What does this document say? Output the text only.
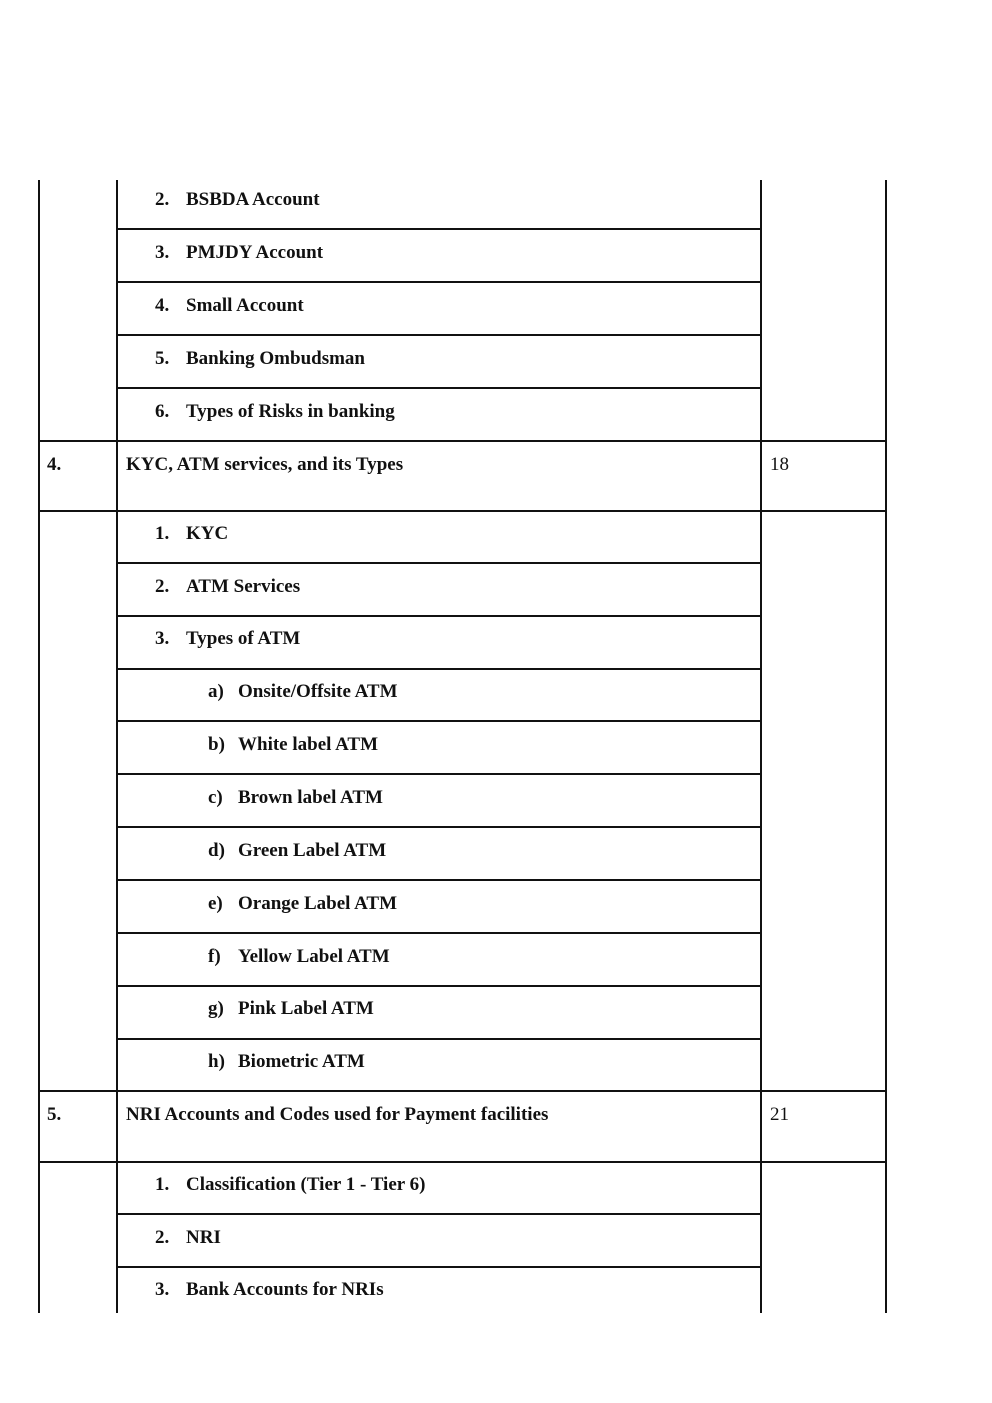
2. BSBDA Account
3. PMJDY Account
4. Small Account
5. Banking Ombudsman
6. Types of Risks in banking
4.	KYC, ATM services, and its Types	18
1. KYC
2. ATM Services
3. Types of ATM
a) Onsite/Offsite ATM
b) White label ATM
c) Brown label ATM
d) Green Label ATM
e) Orange Label ATM
f) Yellow Label ATM
g) Pink Label ATM
h) Biometric ATM
5.	NRI Accounts and Codes used for Payment facilities	21
1. Classification (Tier 1 - Tier 6)
2. NRI
3. Bank Accounts for NRIs
